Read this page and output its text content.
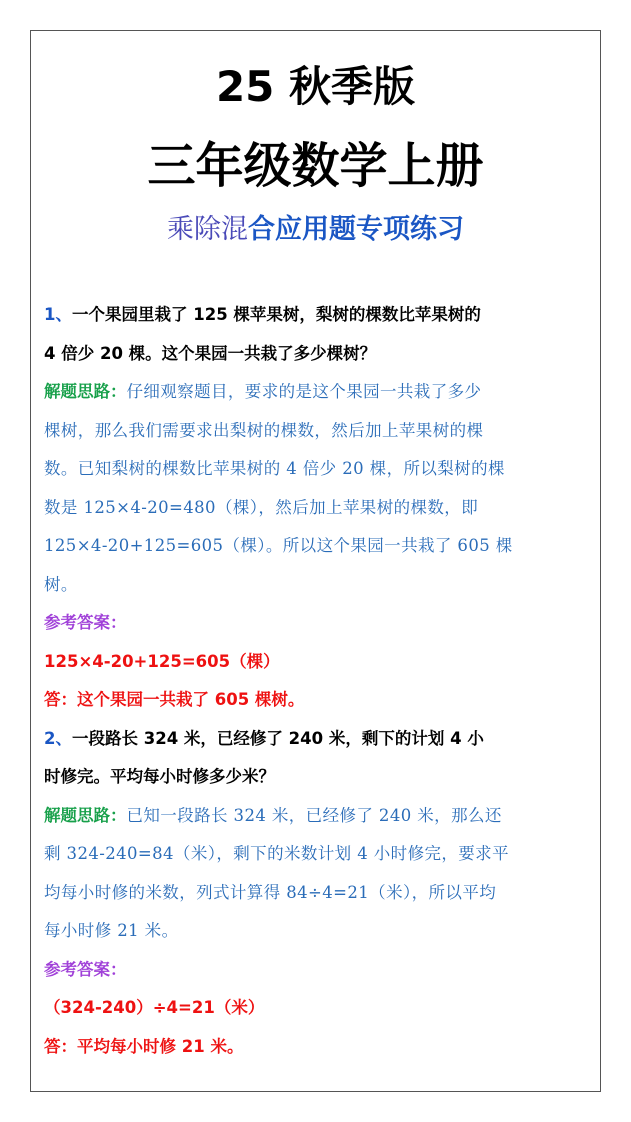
25 秋季版
三年级数学上册
乘除混合应用题专项练习
1、一个果园里栽了 125 棵苹果树，梨树的棵数比苹果树的
4 倍少 20 棵。这个果园一共栽了多少棵树？
解题思路：仔细观察题目，要求的是这个果园一共栽了多少
棵树，那么我们需要求出梨树的棵数，然后加上苹果树的棵
数。已知梨树的棵数比苹果树的 4 倍少 20 棵，所以梨树的棵
数是 125×4-20=480（棵），然后加上苹果树的棵数，即
125×4-20+125=605（棵）。所以这个果园一共栽了 605 棵
树。
参考答案：
125×4-20+125=605（棵）
答：这个果园一共栽了 605 棵树。
2、一段路长 324 米，已经修了 240 米，剩下的计划 4 小
时修完。平均每小时修多少米？
解题思路：已知一段路长 324 米，已经修了 240 米，那么还
剩 324-240=84（米），剩下的米数计划 4 小时修完，要求平
均每小时修的米数，列式计算得 84÷4=21（米），所以平均
每小时修 21 米。
参考答案：
（324-240）÷4=21（米）
答：平均每小时修 21 米。
